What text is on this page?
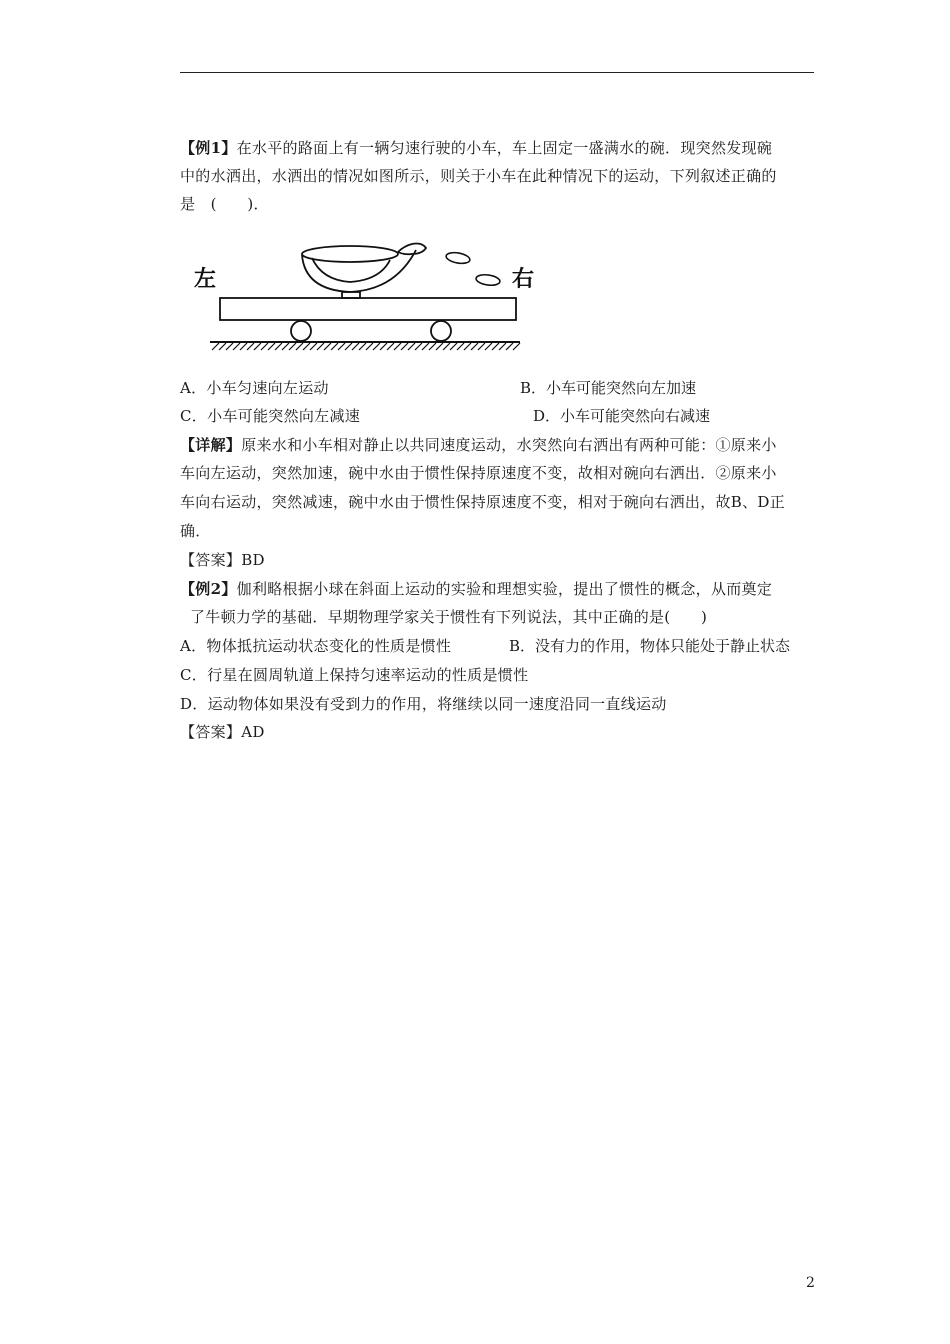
【例1】在水平的路面上有一辆匀速行驶的小车，车上固定一盛满水的碗．现突然发现碗
中的水洒出，水洒出的情况如图所示，则关于小车在此种情况下的运动，下列叙述正确的
是　(　　)．
左	右
A．小车匀速向左运动	B．小车可能突然向左加速
C．小车可能突然向左减速	D．小车可能突然向右减速
【详解】原来水和小车相对静止以共同速度运动，水突然向右洒出有两种可能：①原来小
车向左运动，突然加速，碗中水由于惯性保持原速度不变，故相对碗向右洒出．②原来小
车向右运动，突然减速，碗中水由于惯性保持原速度不变，相对于碗向右洒出，故B、D正
确．
【答案】BD
【例2】伽利略根据小球在斜面上运动的实验和理想实验，提出了惯性的概念，从而奠定
了牛顿力学的基础．早期物理学家关于惯性有下列说法，其中正确的是(　　)
A．物体抵抗运动状态变化的性质是惯性	B．没有力的作用，物体只能处于静止状态
C．行星在圆周轨道上保持匀速率运动的性质是惯性
D．运动物体如果没有受到力的作用，将继续以同一速度沿同一直线运动
【答案】AD
2
